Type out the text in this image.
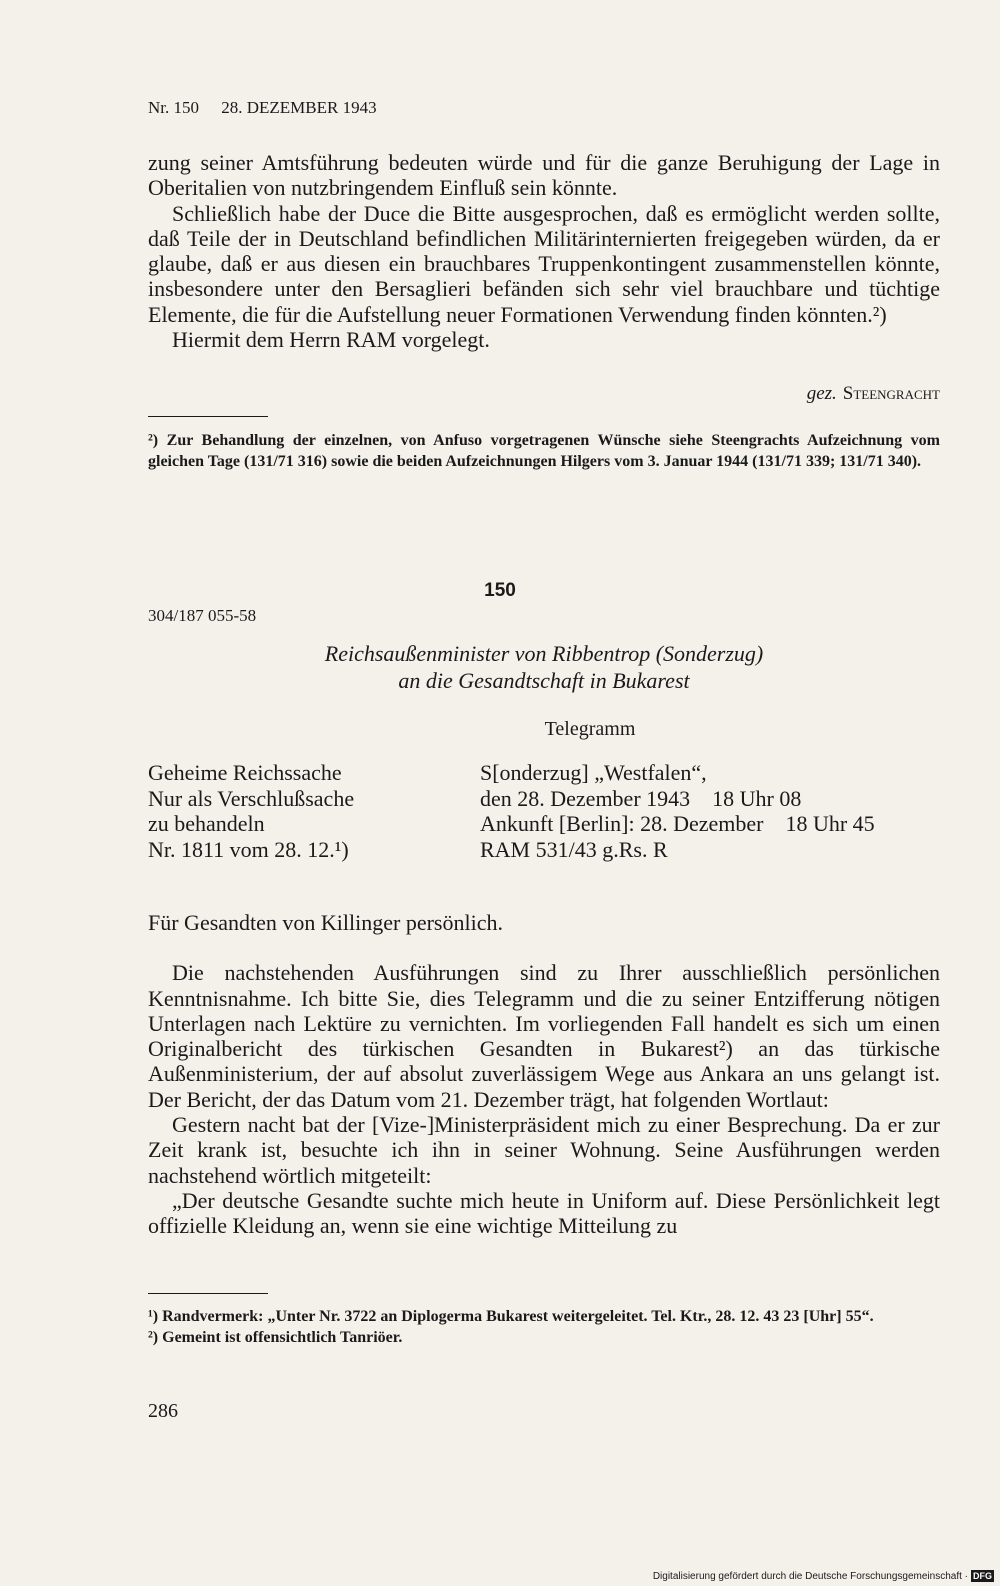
Nr. 150 28. DEZEMBER 1943

zung seiner Amtsführung bedeuten würde und für die ganze Beruhigung der Lage in Oberitalien von nutzbringendem Einfluß sein könnte.

Schließlich habe der Duce die Bitte ausgesprochen, daß es ermöglicht werden sollte, daß Teile der in Deutschland befindlichen Militärinternierten freigegeben würden, da er glaube, daß er aus diesen ein brauchbares Truppenkontingent zusammenstellen könnte, insbesondere unter den Bersaglieri befänden sich sehr viel brauchbare und tüchtige Elemente, die für die Aufstellung neuer Formationen Verwendung finden könnten.²)

Hiermit dem Herrn RAM vorgelegt.

gez. Steengracht

²) Zur Behandlung der einzelnen, von Anfuso vorgetragenen Wünsche siehe Steengrachts Aufzeichnung vom gleichen Tage (131/71 316) sowie die beiden Aufzeichnungen Hilgers vom 3. Januar 1944 (131/71 339; 131/71 340).

150
304/187 055-58
Reichsaußenminister von Ribbentrop (Sonderzug)
an die Gesandtschaft in Bukarest
Telegramm
Geheime Reichssache
Nur als Verschlußsache
zu behandeln
Nr. 1811 vom 28. 12.¹)
S[onderzug] „Westfalen“,
den 28. Dezember 1943    18 Uhr 08
Ankunft [Berlin]: 28. Dezember    18 Uhr 45
RAM 531/43 g.Rs. R

Für Gesandten von Killinger persönlich.

Die nachstehenden Ausführungen sind zu Ihrer ausschließlich persönlichen Kenntnisnahme. Ich bitte Sie, dies Telegramm und die zu seiner Entzifferung nötigen Unterlagen nach Lektüre zu vernichten. Im vorliegenden Fall handelt es sich um einen Originalbericht des türkischen Gesandten in Bukarest²) an das türkische Außenministerium, der auf absolut zuverlässigem Wege aus Ankara an uns gelangt ist. Der Bericht, der das Datum vom 21. Dezember trägt, hat folgenden Wortlaut:

Gestern nacht bat der [Vize-]Ministerpräsident mich zu einer Besprechung. Da er zur Zeit krank ist, besuchte ich ihn in seiner Wohnung. Seine Ausführungen werden nachstehend wörtlich mitgeteilt:

„Der deutsche Gesandte suchte mich heute in Uniform auf. Diese Persönlichkeit legt offizielle Kleidung an, wenn sie eine wichtige Mitteilung zu

¹) Randvermerk: „Unter Nr. 3722 an Diplogerma Bukarest weitergeleitet. Tel. Ktr., 28. 12. 43 23 [Uhr] 55“.

²) Gemeint ist offensichtlich Tanriöer.

286
Digitalisierung gefördert durch die Deutsche Forschungsgemeinschaft · DFG
